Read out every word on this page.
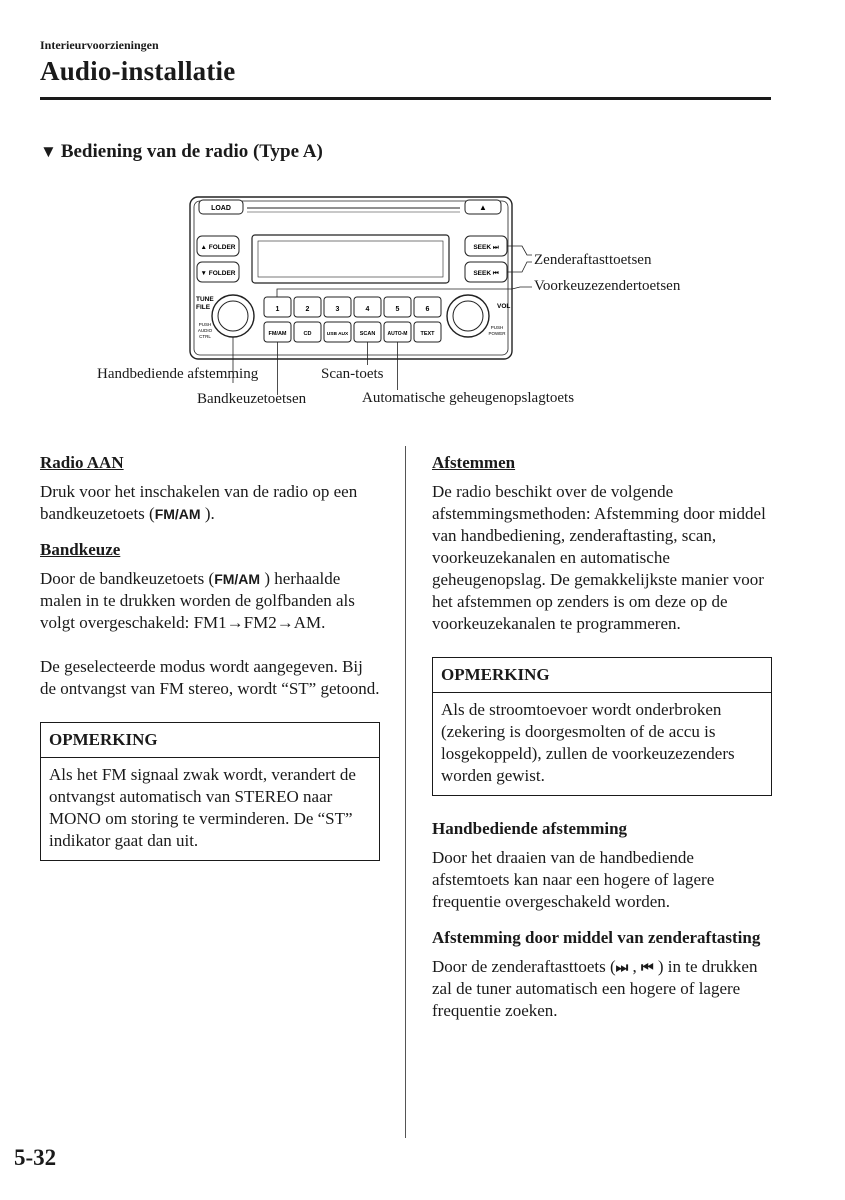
Interieurvoorzieningen
Audio-installatie
▼ Bediening van de radio (Type A)
LOAD	▲
▲ FOLDER
▼ FOLDER
SEEK ⏭
SEEK ⏮
TUNE
FILE
PUSH
AUDIO
CTRL
VOL
PUSH
POWER
1	2	3	4	5	6
FM/AM	CD	USB AUX SCAN AUTO-M TEXT
Zenderaftasttoetsen
Voorkeuzezendertoetsen
Handbediende afstemming	Scan-toets
Bandkeuzetoetsen	Automatische geheugenopslagtoets
Radio AAN

Druk voor het inschakelen van de radio op een bandkeuzetoets (FM/AM ).

Bandkeuze

Door de bandkeuzetoets (FM/AM ) herhaalde malen in te drukken worden de golfbanden als volgt overgeschakeld: FM1→FM2→AM.

De geselecteerde modus wordt aangegeven. Bij de ontvangst van FM stereo, wordt “ST” getoond.

OPMERKING
Als het FM signaal zwak wordt, verandert de ontvangst automatisch van STEREO naar MONO om storing te verminderen. De “ST” indikator gaat dan uit.
Afstemmen

De radio beschikt over de volgende afstemmingsmethoden: Afstemming door middel van handbediening, zenderaftasting, scan, voorkeuzekanalen en automatische geheugenopslag. De gemakkelijkste manier voor het afstemmen op zenders is om deze op de voorkeuzekanalen te programmeren.

OPMERKING
Als de stroomtoevoer wordt onderbroken (zekering is doorgesmolten of de accu is losgekoppeld), zullen de voorkeuzezenders worden gewist.
Handbediende afstemming

Door het draaien van de handbediende afstemtoets kan naar een hogere of lagere frequentie overgeschakeld worden.

Afstemming door middel van zenderaftasting

Door de zenderaftasttoets (⏭ , ⏮ ) in te drukken zal de tuner automatisch een hogere of lagere frequentie zoeken.

5-32
